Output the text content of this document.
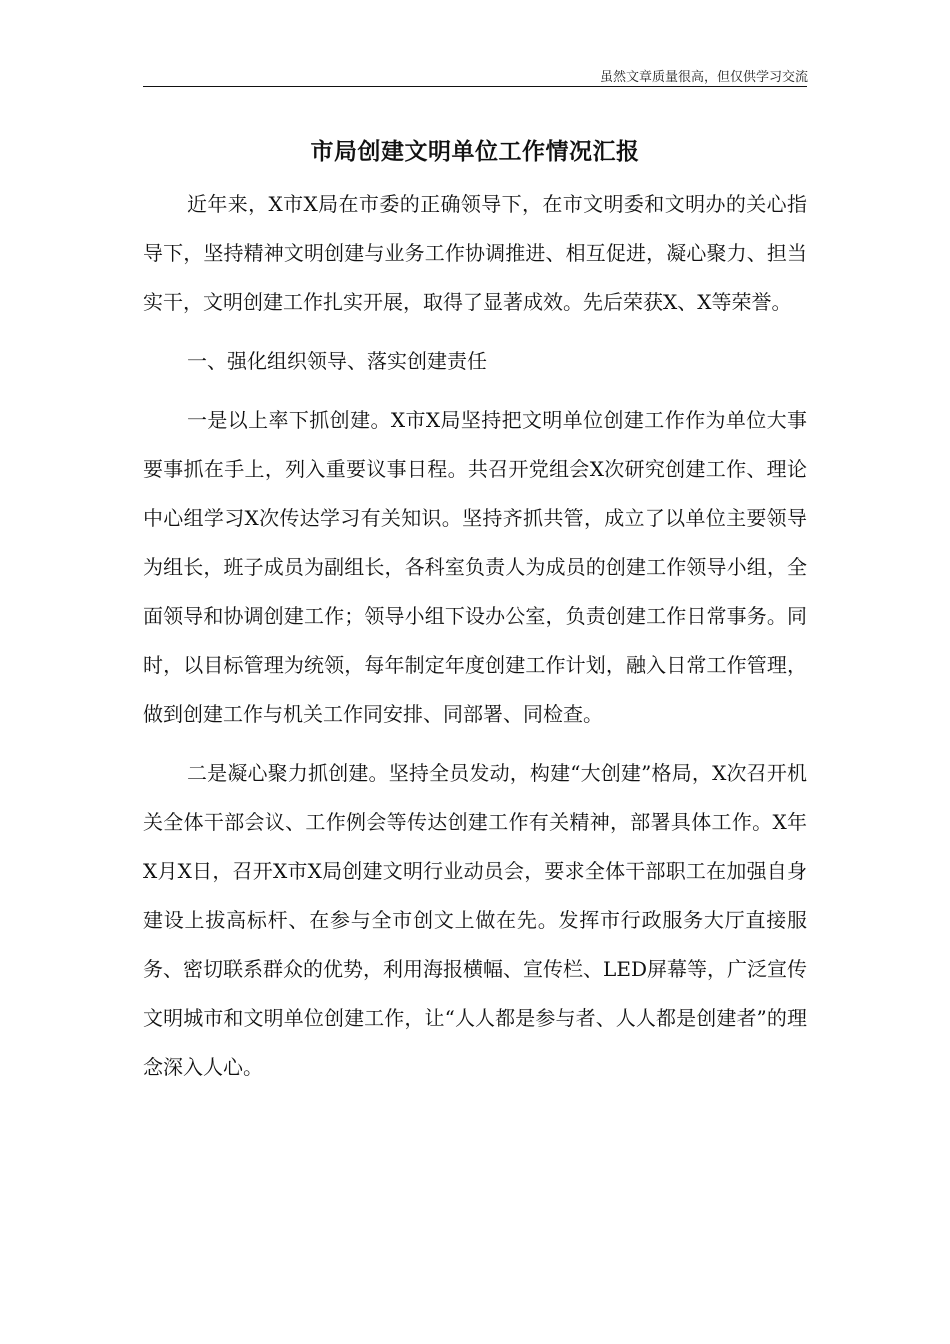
虽然文章质量很高，但仅供学习交流
市局创建文明单位工作情况汇报

近年来，X市X局在市委的正确领导下，在市文明委和文明办的关心指导下，坚持精神文明创建与业务工作协调推进、相互促进，凝心聚力、担当实干，文明创建工作扎实开展，取得了显著成效。先后荣获X、X等荣誉。

一、强化组织领导、落实创建责任

一是以上率下抓创建。X市X局坚持把文明单位创建工作作为单位大事要事抓在手上，列入重要议事日程。共召开党组会X次研究创建工作、理论中心组学习X次传达学习有关知识。坚持齐抓共管，成立了以单位主要领导为组长，班子成员为副组长，各科室负责人为成员的创建工作领导小组，全面领导和协调创建工作；领导小组下设办公室，负责创建工作日常事务。同时，以目标管理为统领，每年制定年度创建工作计划，融入日常工作管理，做到创建工作与机关工作同安排、同部署、同检查。

二是凝心聚力抓创建。坚持全员发动，构建“大创建”格局，X次召开机关全体干部会议、工作例会等传达创建工作有关精神，部署具体工作。X年X月X日，召开X市X局创建文明行业动员会，要求全体干部职工在加强自身建设上拔高标杆、在参与全市创文上做在先。发挥市行政服务大厅直接服务、密切联系群众的优势，利用海报横幅、宣传栏、LED屏幕等，广泛宣传文明城市和文明单位创建工作，让“人人都是参与者、人人都是创建者”的理念深入人心。
